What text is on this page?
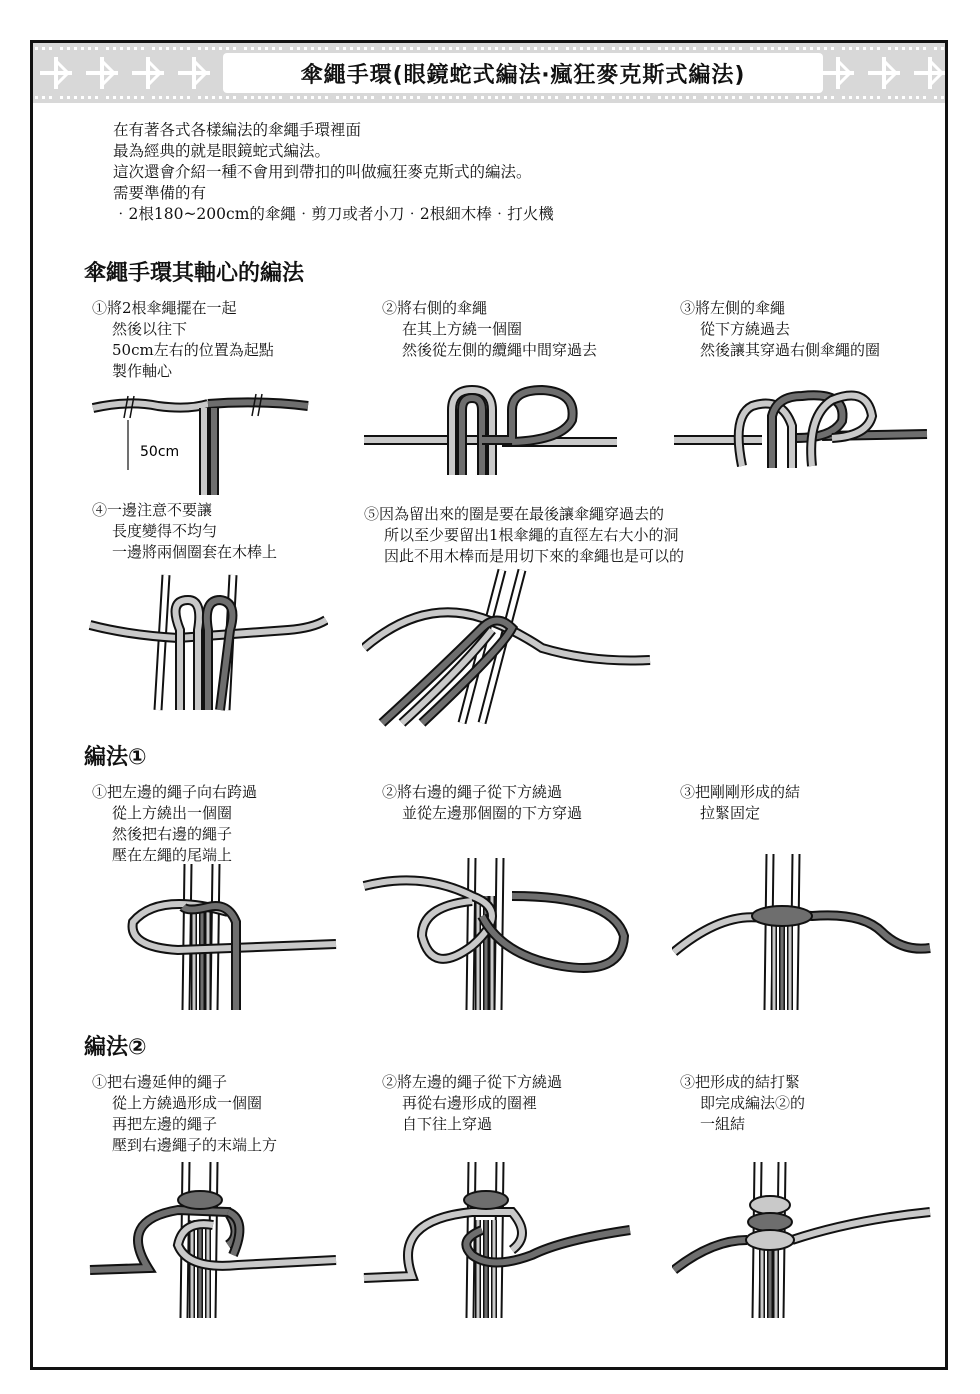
傘繩手環(眼鏡蛇式編法‧瘋狂麥克斯式編法)
在有著各式各樣編法的傘繩手環裡面
最為經典的就是眼鏡蛇式編法。
這次還會介紹一種不會用到帶扣的叫做瘋狂麥克斯式的編法。
需要準備的有
‧2根180~200cm的傘繩‧剪刀或者小刀‧2根細木棒‧打火機
傘繩手環其軸心的編法
①將2根傘繩擺在一起
然後以往下
50cm左右的位置為起點
製作軸心
50cm
②將右側的傘繩
在其上方繞一個圈
然後從左側的纜繩中間穿過去
③將左側的傘繩
從下方繞過去
然後讓其穿過右側傘繩的圈
④一邊注意不要讓
長度變得不均勻
一邊將兩個圈套在木棒上
⑤因為留出來的圈是要在最後讓傘繩穿過去的
所以至少要留出1根傘繩的直徑左右大小的洞
因此不用木棒而是用切下來的傘繩也是可以的
編法①
①把左邊的繩子向右跨過
從上方繞出一個圈
然後把右邊的繩子
壓在左繩的尾端上
②將右邊的繩子從下方繞過
並從左邊那個圈的下方穿過
③把剛剛形成的結
拉緊固定
編法②
①把右邊延伸的繩子
從上方繞過形成一個圈
再把左邊的繩子
壓到右邊繩子的末端上方
②將左邊的繩子從下方繞過
再從右邊形成的圈裡
自下往上穿過
③把形成的結打緊
即完成編法②的
一組結
